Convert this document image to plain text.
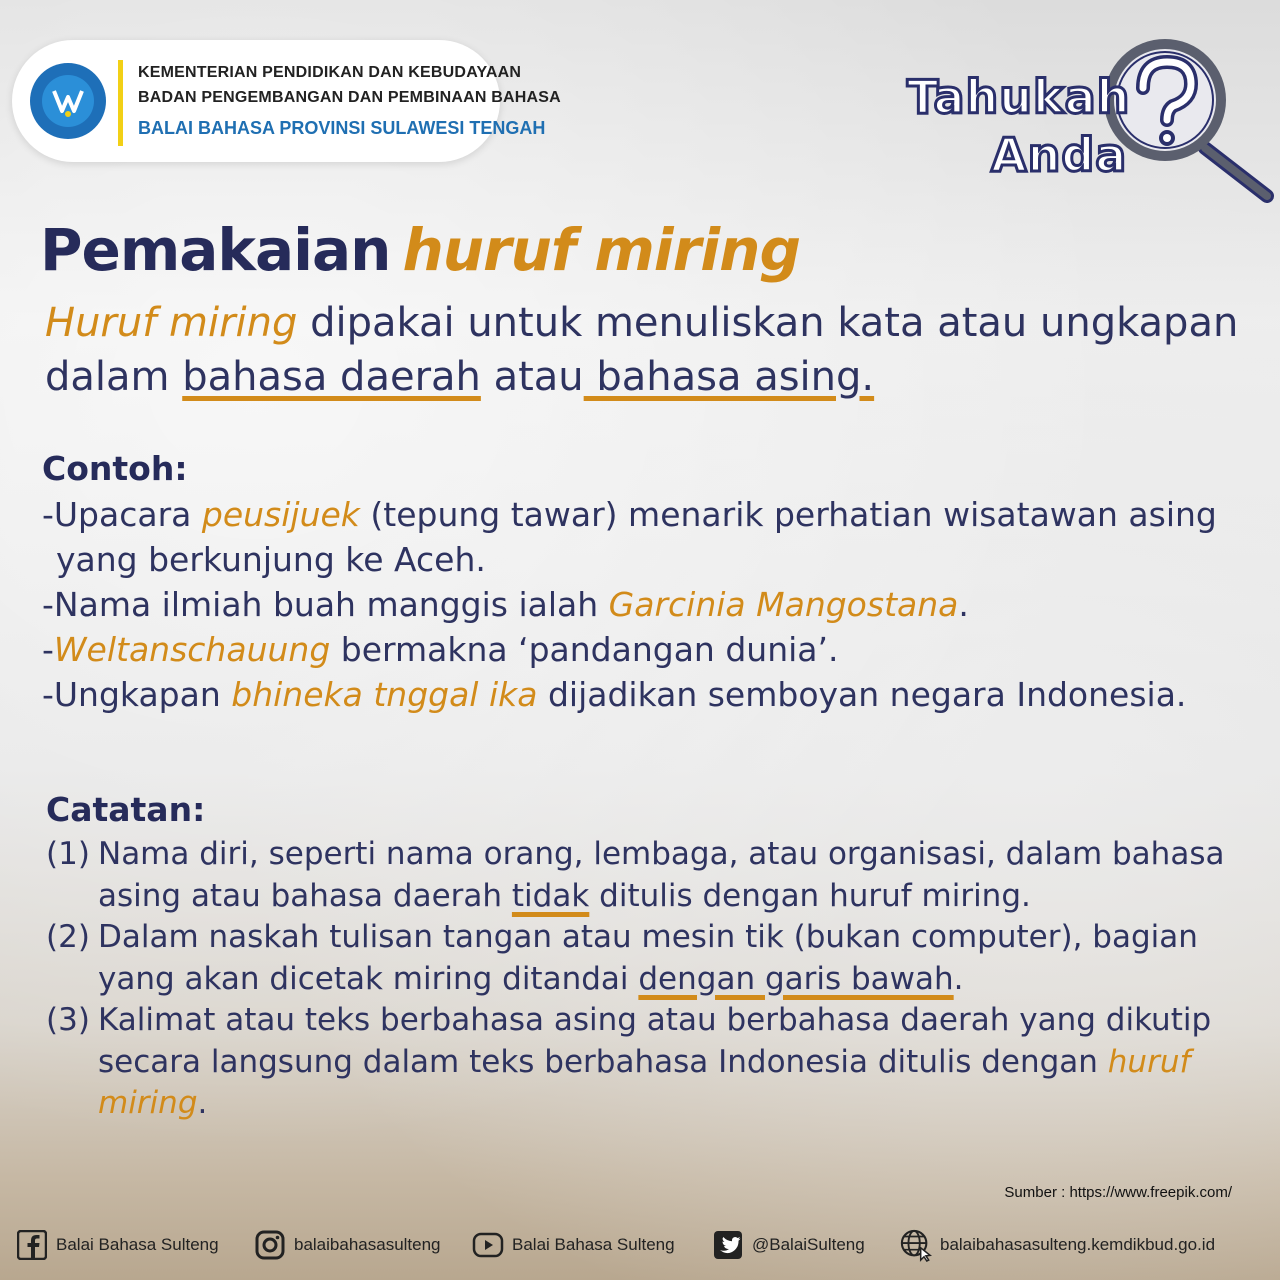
KEMENTERIAN PENDIDIKAN DAN KEBUDAYAAN
BADAN PENGEMBANGAN DAN PEMBINAAN BAHASA
BALAI BAHASA PROVINSI SULAWESI TENGAH
Tahukah
Anda
Pemakaian huruf miring
Huruf miring dipakai untuk menuliskan kata atau ungkapan dalam bahasa daerah atau bahasa asing.
Contoh:
-Upacara peusijuek (tepung tawar) menarik perhatian wisatawan asing yang berkunjung ke Aceh.
-Nama ilmiah buah manggis ialah Garcinia Mangostana.
-Weltanschauung bermakna ‘pandangan dunia’.
-Ungkapan bhineka tnggal ika dijadikan semboyan negara Indonesia.
Catatan:
(1) Nama diri, seperti nama orang, lembaga, atau organisasi, dalam bahasa asing atau bahasa daerah tidak ditulis dengan huruf miring.
(2) Dalam naskah tulisan tangan atau mesin tik (bukan computer), bagian yang akan dicetak miring ditandai dengan garis bawah.
(3) Kalimat atau teks berbahasa asing atau berbahasa daerah yang dikutip secara langsung dalam teks berbahasa Indonesia ditulis dengan huruf miring.
Sumber : https://www.freepik.com/
Balai Bahasa Sulteng	balaibahasasulteng	Balai Bahasa Sulteng	@BalaiSulteng	balaibahasasulteng.kemdikbud.go.id
